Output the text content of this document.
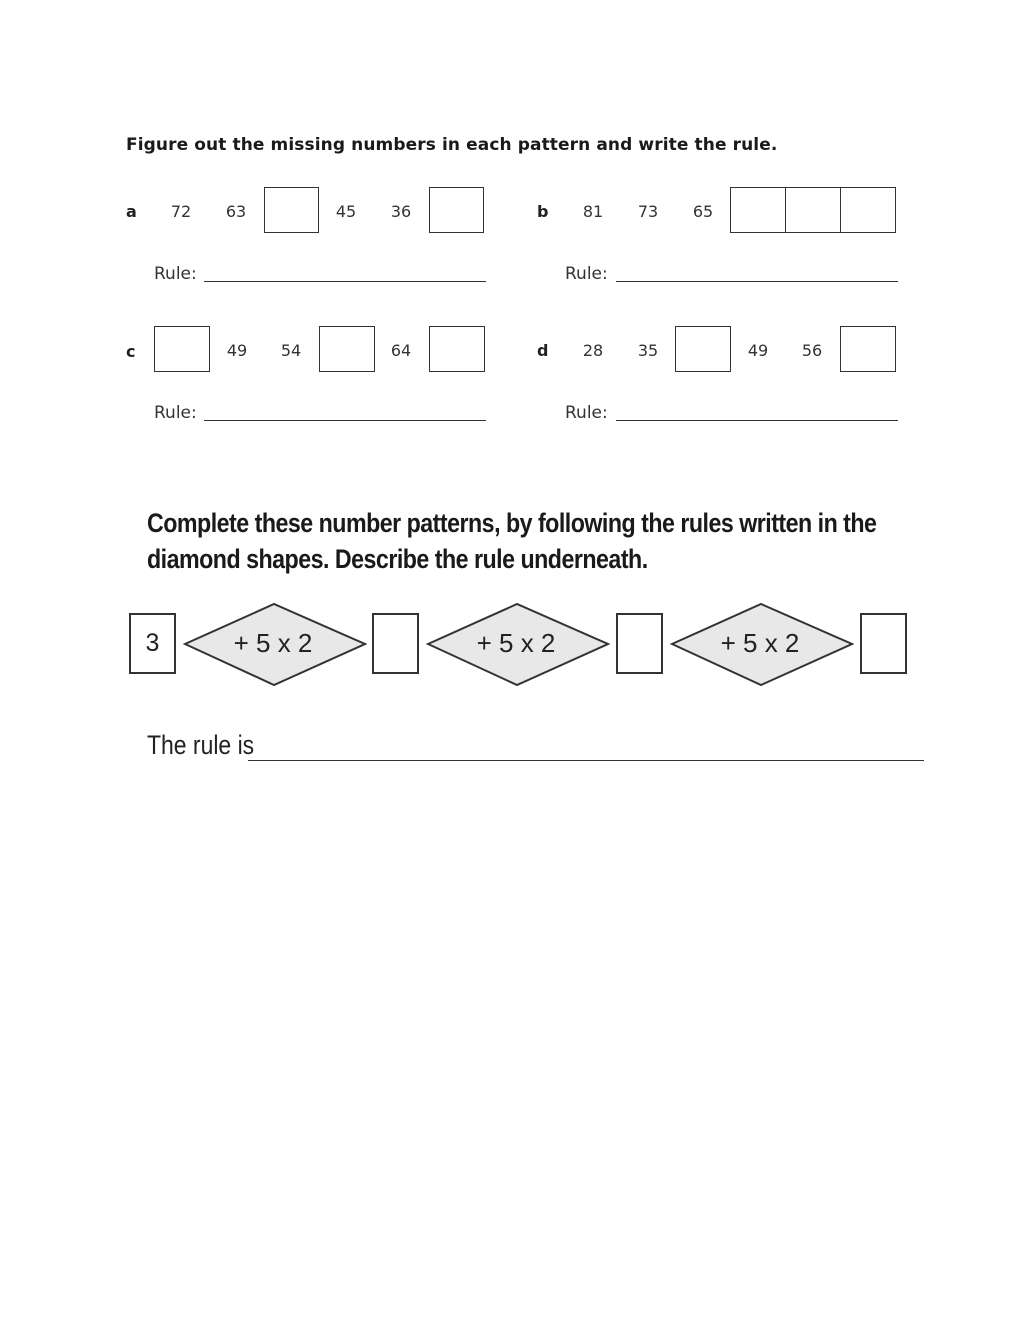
Figure out the missing numbers in each pattern and write the rule.
a	72	63	45	36
Rule:
b	81	73	65
Rule:
c	49	54	64
Rule:
d	28	35	49	56
Rule:
Complete these number patterns, by following the rules written in the diamond shapes. Describe the rule underneath.
3	+ 5 x 2	+ 5 x 2	+ 5 x 2
The rule is
